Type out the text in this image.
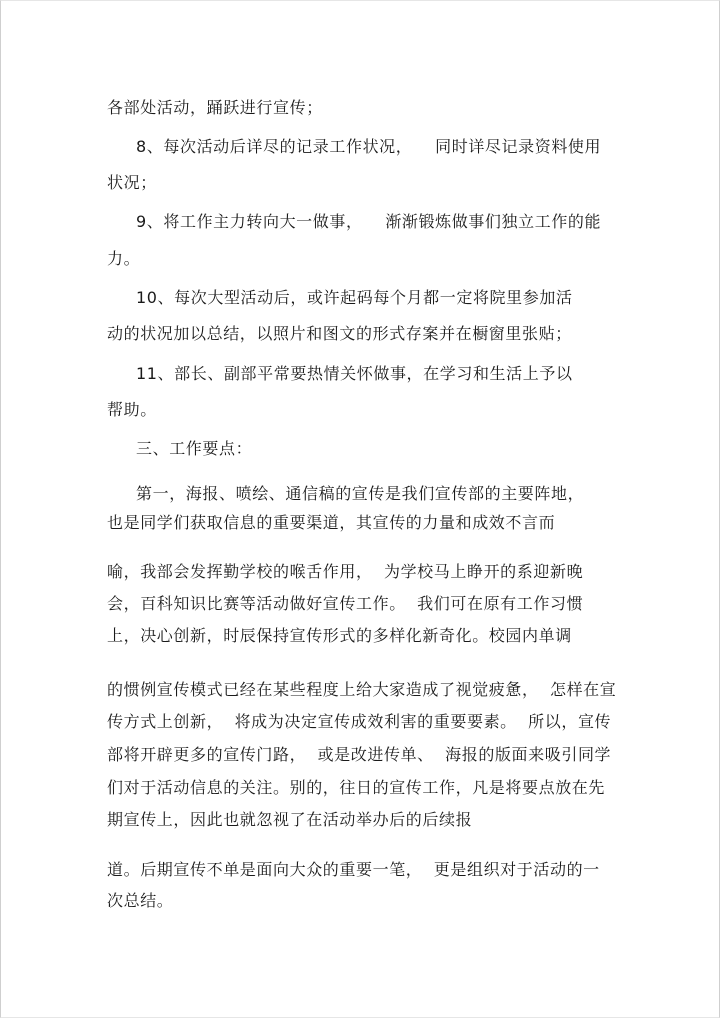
各部处活动，踊跃进行宣传；
8、每次活动后详尽的记录工作状况，    同时详尽记录资料使用
状况；
9、将工作主力转向大一做事，    渐渐锻炼做事们独立工作的能
力。
10、每次大型活动后，或许起码每个月都一定将院里参加活
动的状况加以总结，以照片和图文的形式存案并在橱窗里张贴；
11、部长、副部平常要热情关怀做事，在学习和生活上予以
帮助。
三、工作要点：
第一，海报、喷绘、通信稿的宣传是我们宣传部的主要阵地，
也是同学们获取信息的重要渠道，其宣传的力量和成效不言而
喻，我部会发挥勤学校的喉舌作用，  为学校马上睁开的系迎新晚
会，百科知识比赛等活动做好宣传工作。  我们可在原有工作习惯
上，决心创新，时辰保持宣传形式的多样化新奇化。校园内单调
的惯例宣传模式已经在某些程度上给大家造成了视觉疲惫，  怎样在宣
传方式上创新，  将成为决定宣传成效利害的重要要素。  所以，宣传
部将开辟更多的宣传门路，  或是改进传单、  海报的版面来吸引同学
们对于活动信息的关注。别的，往日的宣传工作，凡是将要点放在先
期宣传上，因此也就忽视了在活动举办后的后续报
道。后期宣传不单是面向大众的重要一笔，  更是组织对于活动的一
次总结。
